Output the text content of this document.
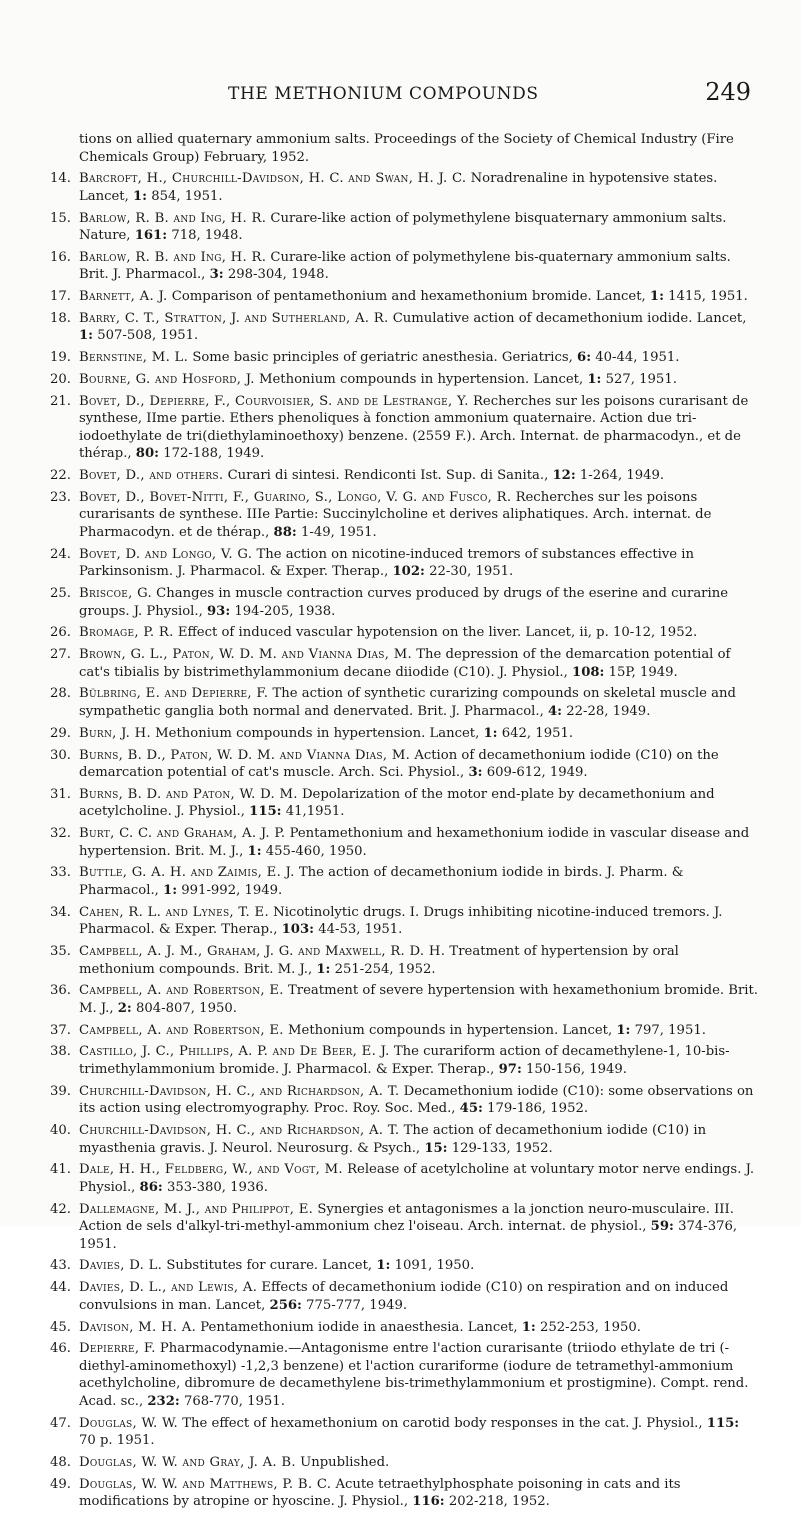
THE METHONIUM COMPOUNDS	249
tions on allied quaternary ammonium salts. Proceedings of the Society of Chemical Industry (Fire Chemicals Group) February, 1952.
14. Barcroft, H., Churchill-Davidson, H. C. and Swan, H. J. C. Noradrenaline in hypotensive states. Lancet, 1: 854, 1951.
15. Barlow, R. B. and Ing, H. R. Curare-like action of polymethylene bisquaternary ammonium salts. Nature, 161: 718, 1948.
16. Barlow, R. B. and Ing, H. R. Curare-like action of polymethylene bis-quaternary ammonium salts. Brit. J. Pharmacol., 3: 298-304, 1948.
17. Barnett, A. J. Comparison of pentamethonium and hexamethonium bromide. Lancet, 1: 1415, 1951.
18. Barry, C. T., Stratton, J. and Sutherland, A. R. Cumulative action of decamethonium iodide. Lancet, 1: 507-508, 1951.
19. Bernstine, M. L. Some basic principles of geriatric anesthesia. Geriatrics, 6: 40-44, 1951.
20. Bourne, G. and Hosford, J. Methonium compounds in hypertension. Lancet, 1: 527, 1951.
21. Bovet, D., Depierre, F., Courvoisier, S. and de Lestrange, Y. Recherches sur les poisons curarisant de synthese, IIme partie. Ethers phenoliques à fonction ammonium quaternaire. Action due tri-iodoethylate de tri(diethylaminoethoxy) benzene. (2559 F.). Arch. Internat. de pharmacodyn., et de thérap., 80: 172-188, 1949.
22. Bovet, D., and others. Curari di sintesi. Rendiconti Ist. Sup. di Sanita., 12: 1-264, 1949.
23. Bovet, D., Bovet-Nitti, F., Guarino, S., Longo, V. G. and Fusco, R. Recherches sur les poisons curarisants de synthese. IIIe Partie: Succinylcholine et derives aliphatiques. Arch. internat. de Pharmacodyn. et de thérap., 88: 1-49, 1951.
24. Bovet, D. and Longo, V. G. The action on nicotine-induced tremors of substances effective in Parkinsonism. J. Pharmacol. & Exper. Therap., 102: 22-30, 1951.
25. Briscoe, G. Changes in muscle contraction curves produced by drugs of the eserine and curarine groups. J. Physiol., 93: 194-205, 1938.
26. Bromage, P. R. Effect of induced vascular hypotension on the liver. Lancet, ii, p. 10-12, 1952.
27. Brown, G. L., Paton, W. D. M. and Vianna Dias, M. The depression of the demarcation potential of cat's tibialis by bistrimethylammonium decane diiodide (C10). J. Physiol., 108: 15P, 1949.
28. Bülbring, E. and Depierre, F. The action of synthetic curarizing compounds on skeletal muscle and sympathetic ganglia both normal and denervated. Brit. J. Pharmacol., 4: 22-28, 1949.
29. Burn, J. H. Methonium compounds in hypertension. Lancet, 1: 642, 1951.
30. Burns, B. D., Paton, W. D. M. and Vianna Dias, M. Action of decamethonium iodide (C10) on the demarcation potential of cat's muscle. Arch. Sci. Physiol., 3: 609-612, 1949.
31. Burns, B. D. and Paton, W. D. M. Depolarization of the motor end-plate by decamethonium and acetylcholine. J. Physiol., 115: 41,1951.
32. Burt, C. C. and Graham, A. J. P. Pentamethonium and hexamethonium iodide in vascular disease and hypertension. Brit. M. J., 1: 455-460, 1950.
33. Buttle, G. A. H. and Zaimis, E. J. The action of decamethonium iodide in birds. J. Pharm. & Pharmacol., 1: 991-992, 1949.
34. Cahen, R. L. and Lynes, T. E. Nicotinolytic drugs. I. Drugs inhibiting nicotine-induced tremors. J. Pharmacol. & Exper. Therap., 103: 44-53, 1951.
35. Campbell, A. J. M., Graham, J. G. and Maxwell, R. D. H. Treatment of hypertension by oral methonium compounds. Brit. M. J., 1: 251-254, 1952.
36. Campbell, A. and Robertson, E. Treatment of severe hypertension with hexamethonium bromide. Brit. M. J., 2: 804-807, 1950.
37. Campbell, A. and Robertson, E. Methonium compounds in hypertension. Lancet, 1: 797, 1951.
38. Castillo, J. C., Phillips, A. P. and De Beer, E. J. The curariform action of decamethylene-1, 10-bis-trimethylammonium bromide. J. Pharmacol. & Exper. Therap., 97: 150-156, 1949.
39. Churchill-Davidson, H. C., and Richardson, A. T. Decamethonium iodide (C10): some observations on its action using electromyography. Proc. Roy. Soc. Med., 45: 179-186, 1952.
40. Churchill-Davidson, H. C., and Richardson, A. T. The action of decamethonium iodide (C10) in myasthenia gravis. J. Neurol. Neurosurg. & Psych., 15: 129-133, 1952.
41. Dale, H. H., Feldberg, W., and Vogt, M. Release of acetylcholine at voluntary motor nerve endings. J. Physiol., 86: 353-380, 1936.
42. Dallemagne, M. J., and Philippot, E. Synergies et antagonismes a la jonction neuro-musculaire. III. Action de sels d'alkyl-tri-methyl-ammonium chez l'oiseau. Arch. internat. de physiol., 59: 374-376, 1951.
43. Davies, D. L. Substitutes for curare. Lancet, 1: 1091, 1950.
44. Davies, D. L., and Lewis, A. Effects of decamethonium iodide (C10) on respiration and on induced convulsions in man. Lancet, 256: 775-777, 1949.
45. Davison, M. H. A. Pentamethonium iodide in anaesthesia. Lancet, 1: 252-253, 1950.
46. Depierre, F. Pharmacodynamie.—Antagonisme entre l'action curarisante (triiodo ethylate de tri (-diethyl-aminomethoxyl) -1,2,3 benzene) et l'action curariforme (iodure de tetramethyl-ammonium acethylcholine, dibromure de decamethylene bis-trimethylammonium et prostigmine). Compt. rend. Acad. sc., 232: 768-770, 1951.
47. Douglas, W. W. The effect of hexamethonium on carotid body responses in the cat. J. Physiol., 115: 70 p. 1951.
48. Douglas, W. W. and Gray, J. A. B. Unpublished.
49. Douglas, W. W. and Matthews, P. B. C. Acute tetraethylphosphate poisoning in cats and its modifications by atropine or hyoscine. J. Physiol., 116: 202-218, 1952.
